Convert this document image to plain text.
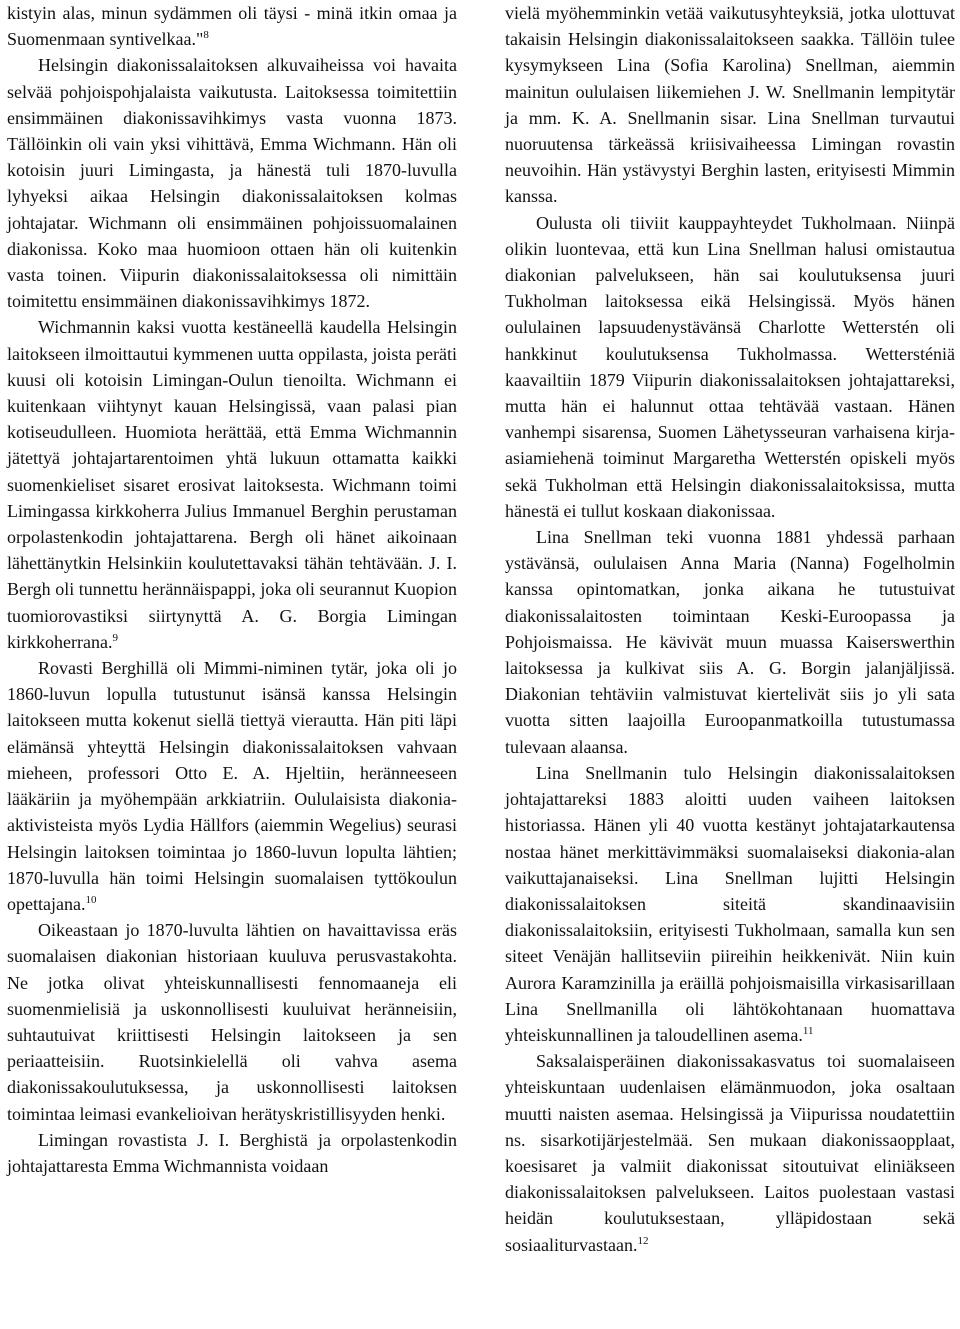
kistyin alas, minun sydämmen oli täysi - minä itkin omaa ja Suomenmaan syntivelkaa."$^8$

Helsingin diakonissalaitoksen alkuvaiheissa voi havaita selvää pohjoispohjalaista vaikutusta. Laitoksessa toimitettiin ensimmäinen diakonissavihkimys vasta vuonna 1873. Tällöinkin oli vain yksi vihittävä, Emma Wichmann. Hän oli kotoisin juuri Limingasta, ja hänestä tuli 1870-luvulla lyhyeksi aikaa Helsingin diakonissalaitoksen kolmas johtajatar. Wichmann oli ensimmäinen pohjoissuomalainen diakonissa. Koko maa huomioon ottaen hän oli kuitenkin vasta toinen. Viipurin diakonissalaitoksessa oli nimittäin toimitettu ensimmäinen diakonissavihkimys 1872.

Wichmannin kaksi vuotta kestäneellä kaudella Helsingin laitokseen ilmoittautui kymmenen uutta oppilasta, joista peräti kuusi oli kotoisin Limingan-Oulun tienoilta. Wichmann ei kuitenkaan viihtynyt kauan Helsingissä, vaan palasi pian kotiseudulleen. Huomiota herättää, että Emma Wichmannin jätettyä johtajartarentoimen yhtä lukuun ottamatta kaikki suomenkieliset sisaret erosivat laitoksesta. Wichmann toimi Limingassa kirkkoherra Julius Immanuel Berghin perustaman orpolastenkodin johtajattarena. Bergh oli hänet aikoinaan lähettänytkin Helsinkiin koulutettavaksi tähän tehtävään. J. I. Bergh oli tunnettu herännäispappi, joka oli seurannut Kuopion tuomiorovastiksi siirtynyttä A. G. Borgia Limingan kirkkoherrana.$^9$

Rovasti Berghillä oli Mimmi-niminen tytär, joka oli jo 1860-luvun lopulla tutustunut isänsä kanssa Helsingin laitokseen mutta kokenut siellä tiettyä vierautta. Hän piti läpi elämänsä yhteyttä Helsingin diakonissalaitoksen vahvaan mieheen, professori Otto E. A. Hjeltiin, heränneeseen lääkäriin ja myöhempään arkkiatriin. Oululaisista diakonia-aktivisteista myös Lydia Hällfors (aiemmin Wegelius) seurasi Helsingin laitoksen toimintaa jo 1860-luvun lopulta lähtien; 1870-luvulla hän toimi Helsingin suomalaisen tyttökoulun opettajana.$^{10}$

Oikeastaan jo 1870-luvulta lähtien on havaittavissa eräs suomalaisen diakonian historiaan kuuluva perusvastakohta. Ne jotka olivat yhteiskunnallisesti fennomaaneja eli suomenmielisiä ja uskonnollisesti kuuluivat heränneisiin, suhtautuivat kriittisesti Helsingin laitokseen ja sen periaatteisiin. Ruotsinkielellä oli vahva asema diakonissakoulutuksessa, ja uskonnollisesti laitoksen toimintaa leimasi evankelioivan herätyskristillisyyden henki.

Limingan rovastista J. I. Berghistä ja orpolastenkodin johtajattaresta Emma Wichmannista voidaan

vielä myöhemminkin vetää vaikutusyhteyksiä, jotka ulottuvat takaisin Helsingin diakonissalaitokseen saakka. Tällöin tulee kysymykseen Lina (Sofia Karolina) Snellman, aiemmin mainitun oululaisen liikemiehen J. W. Snellmanin lempitytär ja mm. K. A. Snellmanin sisar. Lina Snellman turvautui nuoruutensa tärkeässä kriisivaiheessa Limingan rovastin neuvoihin. Hän ystävystyi Berghin lasten, erityisesti Mimmin kanssa.

Oulusta oli tiiviit kauppayhteydet Tukholmaan. Niinpä olikin luontevaa, että kun Lina Snellman halusi omistautua diakonian palvelukseen, hän sai koulutuksensa juuri Tukholman laitoksessa eikä Helsingissä. Myös hänen oululainen lapsuudenystävänsä Charlotte Wetterstén oli hankkinut koulutuksensa Tukholmassa. Wettersténiä kaavailtiin 1879 Viipurin diakonissalaitoksen johtajattareksi, mutta hän ei halunnut ottaa tehtävää vastaan. Hänen vanhempi sisarensa, Suomen Lähetysseuran varhaisena kirja-asiamiehenä toiminut Margaretha Wetterstén opiskeli myös sekä Tukholman että Helsingin diakonissalaitoksissa, mutta hänestä ei tullut koskaan diakonissaa.

Lina Snellman teki vuonna 1881 yhdessä parhaan ystävänsä, oululaisen Anna Maria (Nanna) Fogelholmin kanssa opintomatkan, jonka aikana he tutustuivat diakonissalaitosten toimintaan Keski-Euroopassa ja Pohjoismaissa. He kävivät muun muassa Kaiserswerthin laitoksessa ja kulkivat siis A. G. Borgin jalanjäljissä. Diakonian tehtäviin valmistuvat kiertelivät siis jo yli sata vuotta sitten laajoilla Euroopanmatkoilla tutustumassa tulevaan alaansa.

Lina Snellmanin tulo Helsingin diakonissalaitoksen johtajattareksi 1883 aloitti uuden vaiheen laitoksen historiassa. Hänen yli 40 vuotta kestänyt johtajatarkautensa nostaa hänet merkittävimmäksi suomalaiseksi diakonia-alan vaikuttajanaiseksi. Lina Snellman lujitti Helsingin diakonissalaitoksen siteitä skandinaavisiin diakonissalaitoksiin, erityisesti Tukholmaan, samalla kun sen siteet Venäjän hallitseviin piireihin heikkenivät. Niin kuin Aurora Karamzinilla ja eräillä pohjoismaisilla virkasisarillaan Lina Snellmanilla oli lähtökohtanaan huomattava yhteiskunnallinen ja taloudellinen asema.$^{11}$

Saksalaisperäinen diakonissakasvatus toi suomalaiseen yhteiskuntaan uudenlaisen elämänmuodon, joka osaltaan muutti naisten asemaa. Helsingissä ja Viipurissa noudatettiin ns. sisarkotijärjestelmää. Sen mukaan diakonissaopplaat, koesisaret ja valmiit diakonissat sitoutuivat eliniäkseen diakonissalaitoksen palvelukseen. Laitos puolestaan vastasi heidän koulutuksestaan, ylläpidostaan sekä sosiaaliturvastaan.$^{12}$
